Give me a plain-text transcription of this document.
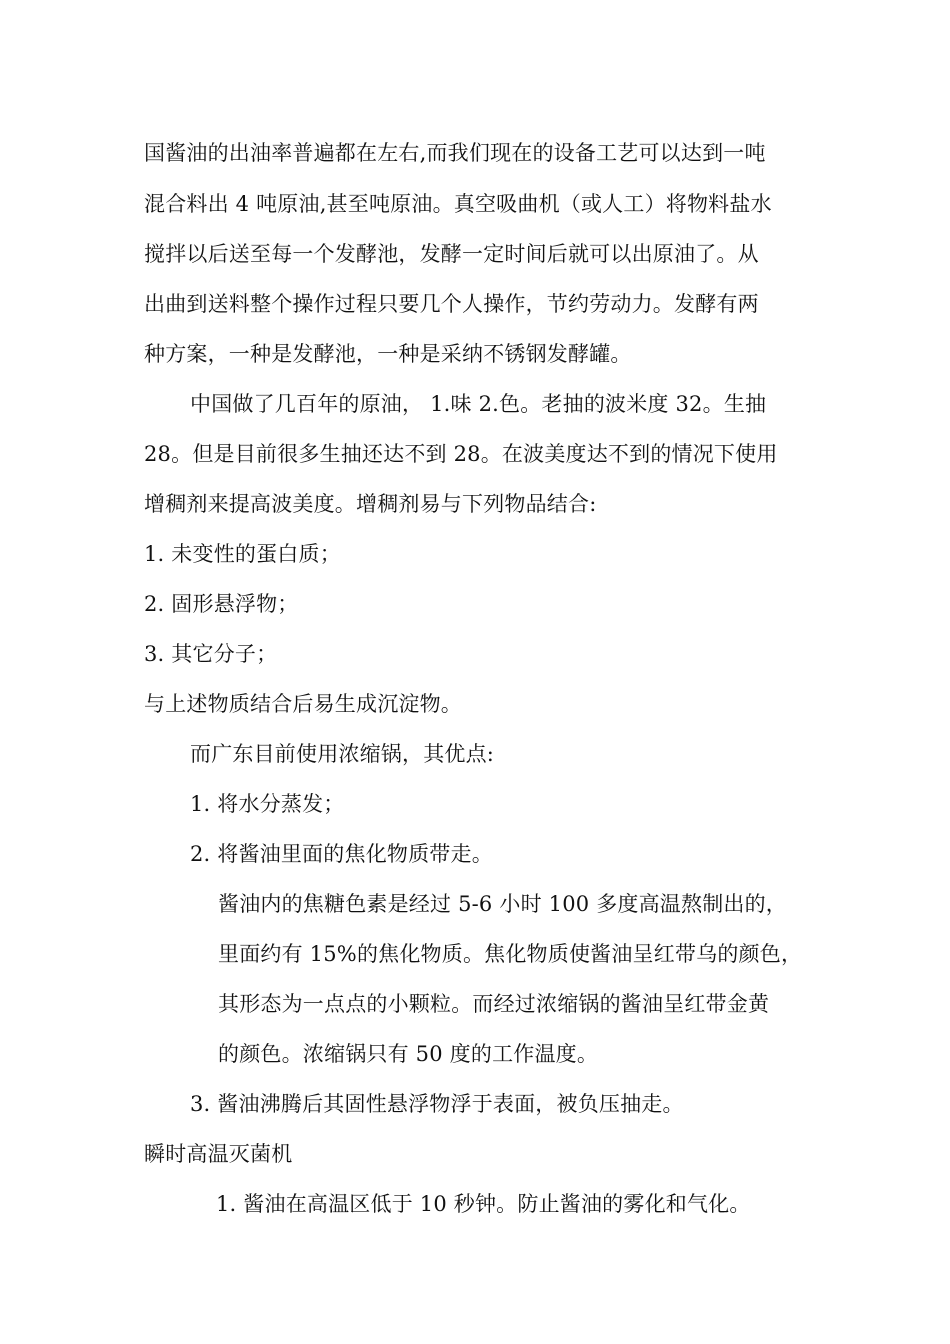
国酱油的出油率普遍都在左右,而我们现在的设备工艺可以达到一吨
混合料出 4 吨原油,甚至吨原油。真空吸曲机（或人工）将物料盐水
搅拌以后送至每一个发酵池，发酵一定时间后就可以出原油了。从
出曲到送料整个操作过程只要几个人操作，节约劳动力。发酵有两
种方案，一种是发酵池，一种是采纳不锈钢发酵罐。
中国做了几百年的原油， 1.味 2.色。老抽的波米度 32。生抽
28。但是目前很多生抽还达不到 28。在波美度达不到的情况下使用
增稠剂来提高波美度。增稠剂易与下列物品结合:
1. 未变性的蛋白质；
2. 固形悬浮物；
3. 其它分子；
与上述物质结合后易生成沉淀物。
而广东目前使用浓缩锅，其优点:
1. 将水分蒸发；
2. 将酱油里面的焦化物质带走。
酱油内的焦糖色素是经过 5-6 小时 100 多度高温熬制出的，
里面约有 15%的焦化物质。焦化物质使酱油呈红带乌的颜色，
其形态为一点点的小颗粒。而经过浓缩锅的酱油呈红带金黄
的颜色。浓缩锅只有 50 度的工作温度。
3. 酱油沸腾后其固性悬浮物浮于表面，被负压抽走。
瞬时高温灭菌机
1. 酱油在高温区低于 10 秒钟。防止酱油的雾化和气化。
